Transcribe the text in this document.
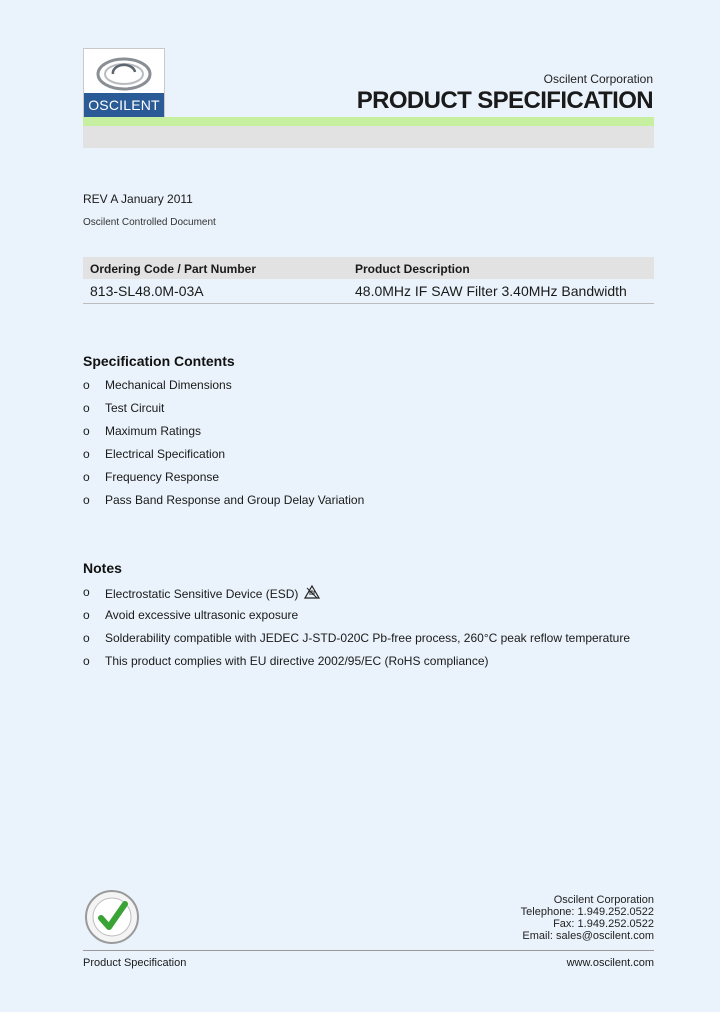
OSCILENT
Oscilent Corporation
PRODUCT SPECIFICATION
REV A January 2011
Oscilent Controlled Document
Ordering Code / Part Number	Product Description
813-SL48.0M-03A	48.0MHz IF SAW Filter 3.40MHz Bandwidth
Specification Contents
o Mechanical Dimensions
o Test Circuit
o Maximum Ratings
o Electrical Specification
o Frequency Response
o Pass Band Response and Group Delay Variation
Notes
o Electrostatic Sensitive Device (ESD)
o Avoid excessive ultrasonic exposure
o Solderability compatible with JEDEC J-STD-020C Pb-free process, 260°C peak reflow temperature
o This product complies with EU directive 2002/95/EC (RoHS compliance)
Oscilent Corporation
Telephone: 1.949.252.0522
Fax: 1.949.252.0522
Email: sales@oscilent.com
Product Specification	www.oscilent.com
